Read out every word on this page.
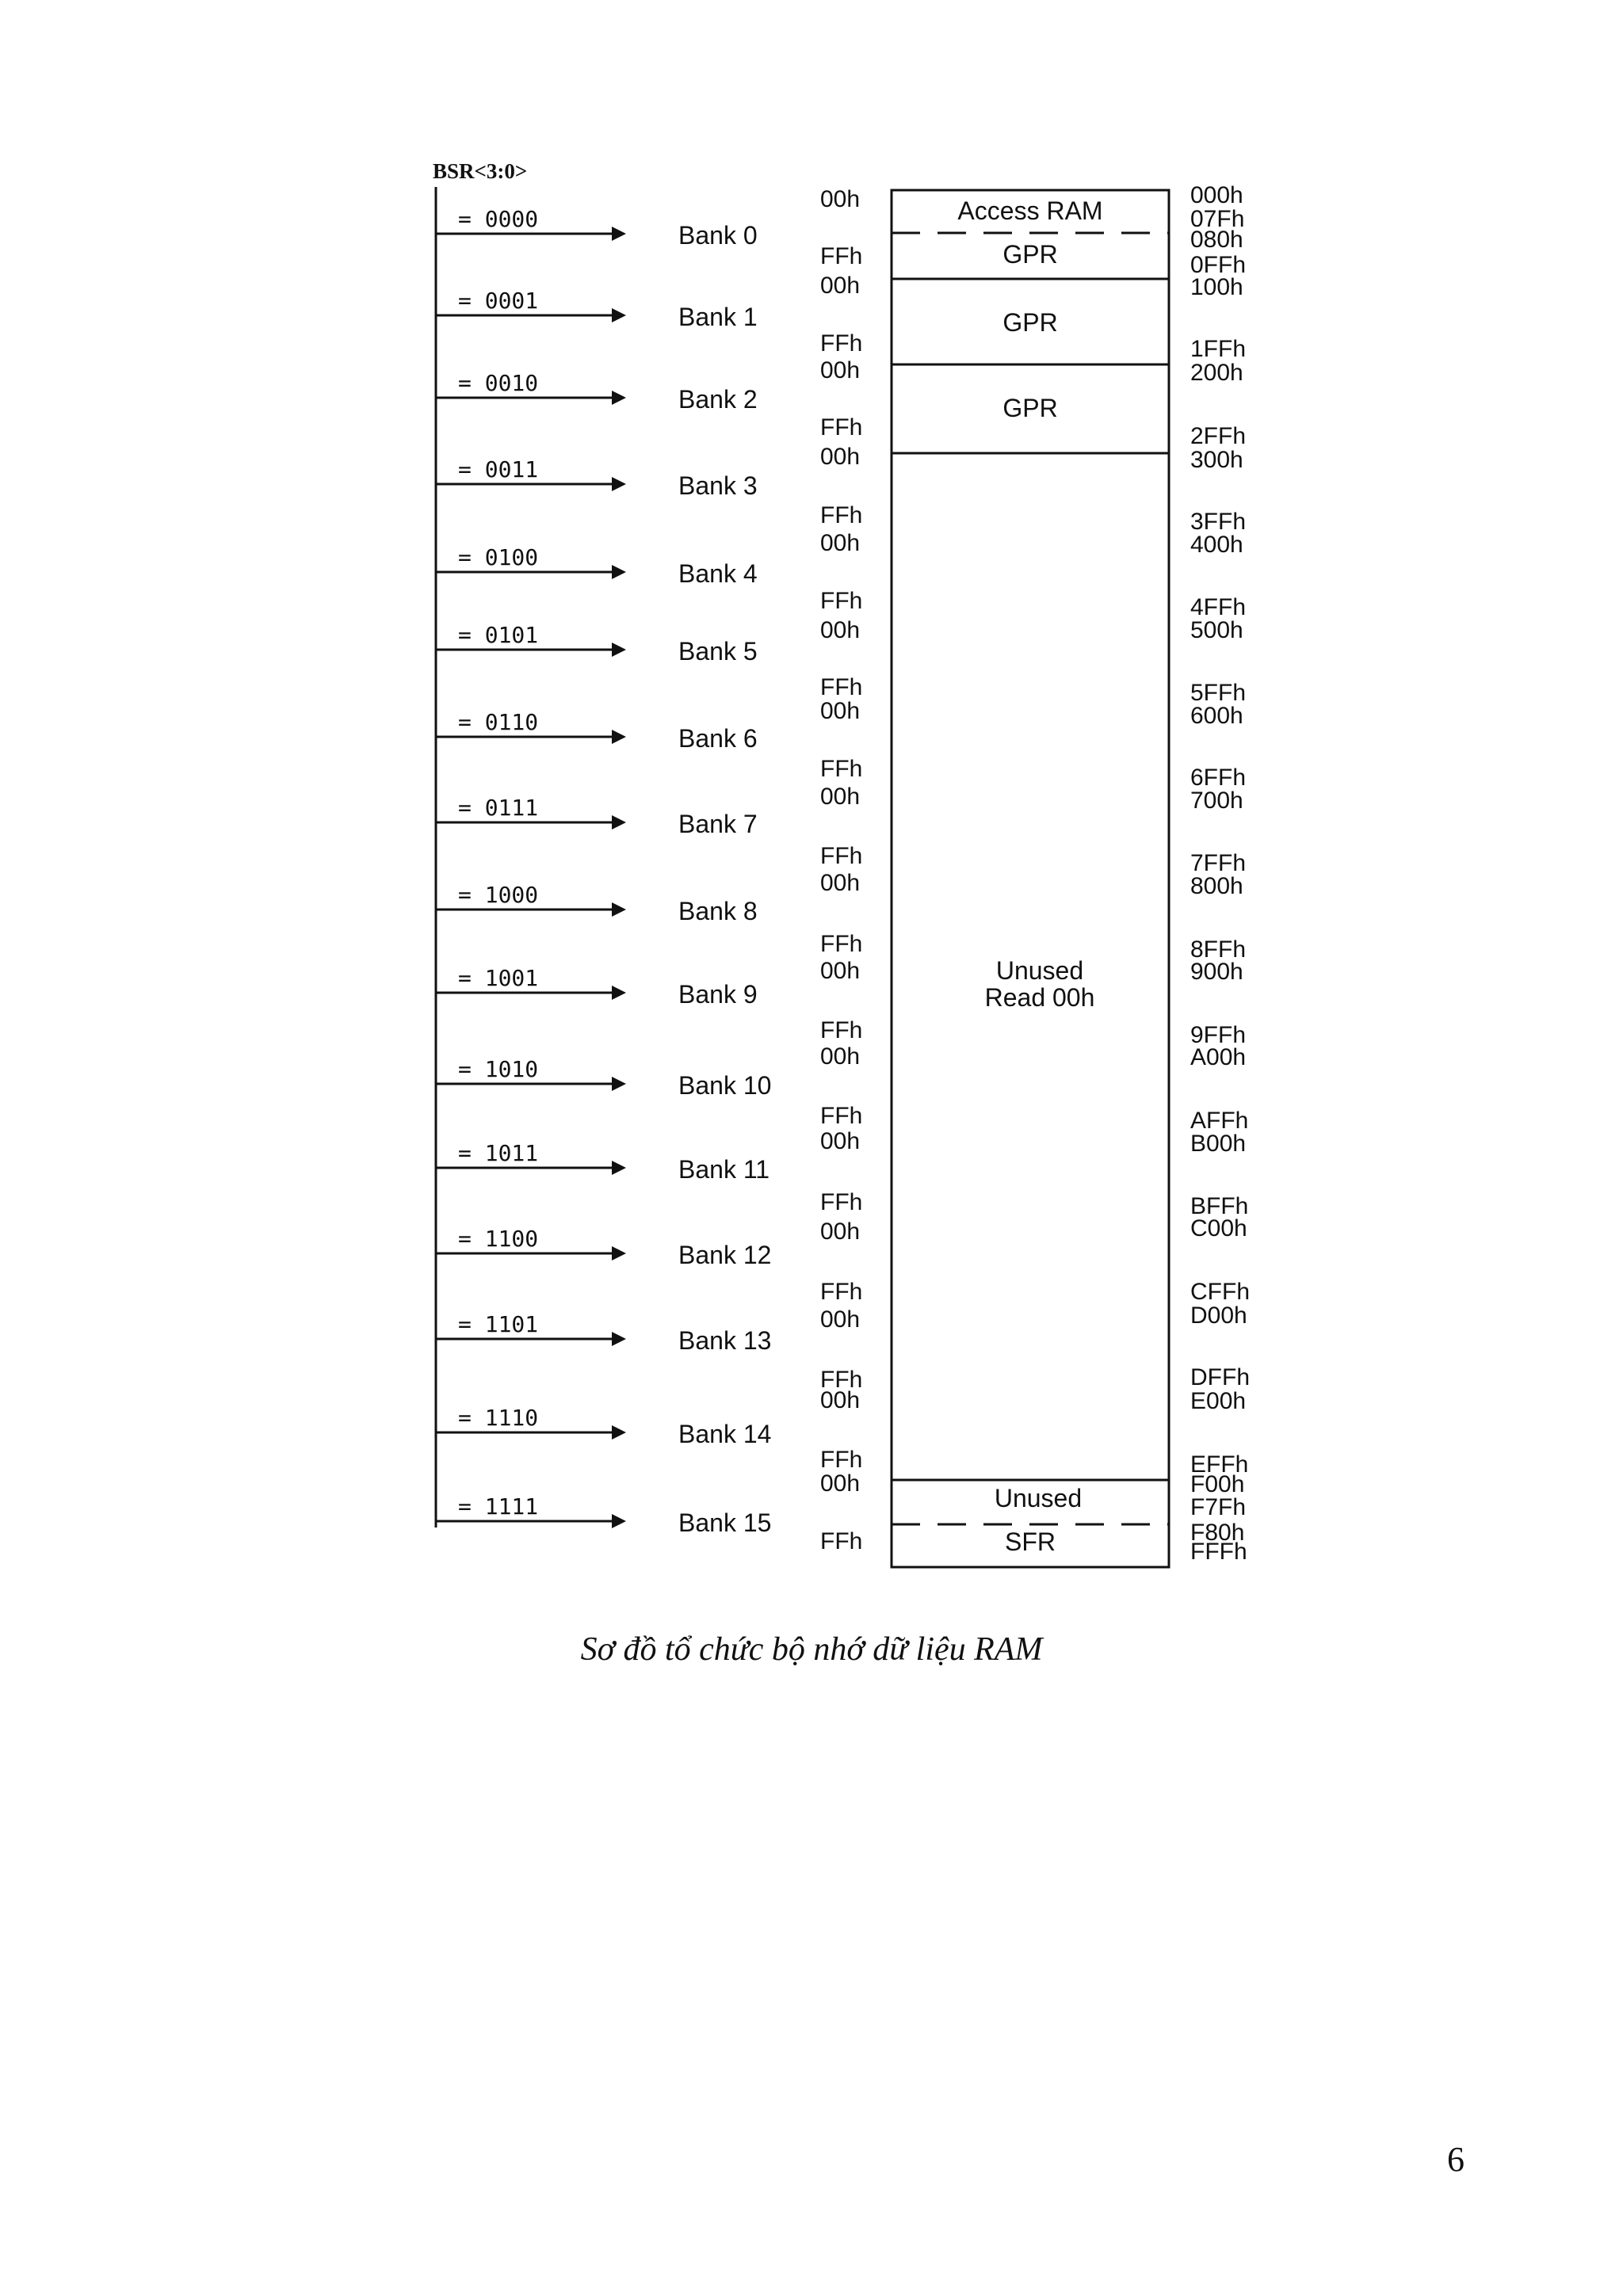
BSR<3:0>
Access RAM
GPR
GPR
GPR
Unused
Read 00h
Unused
SFR
= 0000
Bank 0
00h
FFh
= 0001
Bank 1
00h
FFh
= 0010
Bank 2
00h
FFh
= 0011
Bank 3
00h
FFh
= 0100
Bank 4
00h
FFh
= 0101
Bank 5
00h
FFh
= 0110
Bank 6
00h
FFh
= 0111
Bank 7
00h
FFh
= 1000
Bank 8
00h
FFh
= 1001
Bank 9
00h
FFh
= 1010
Bank 10
00h
FFh
= 1011
Bank 11
00h
FFh
= 1100
Bank 12
00h
FFh
= 1101
Bank 13
00h
FFh
= 1110
Bank 14
00h
FFh
= 1111
Bank 15
00h
FFh
000h
07Fh
080h
0FFh
100h
1FFh
200h
2FFh
300h
3FFh
400h
4FFh
500h
5FFh
600h
6FFh
700h
7FFh
800h
8FFh
900h
9FFh
A00h
AFFh
B00h
BFFh
C00h
CFFh
D00h
DFFh
E00h
EFFh
F00h
F7Fh
F80h
FFFh
Sơ đồ tổ chức bộ nhớ dữ liệu RAM
6
